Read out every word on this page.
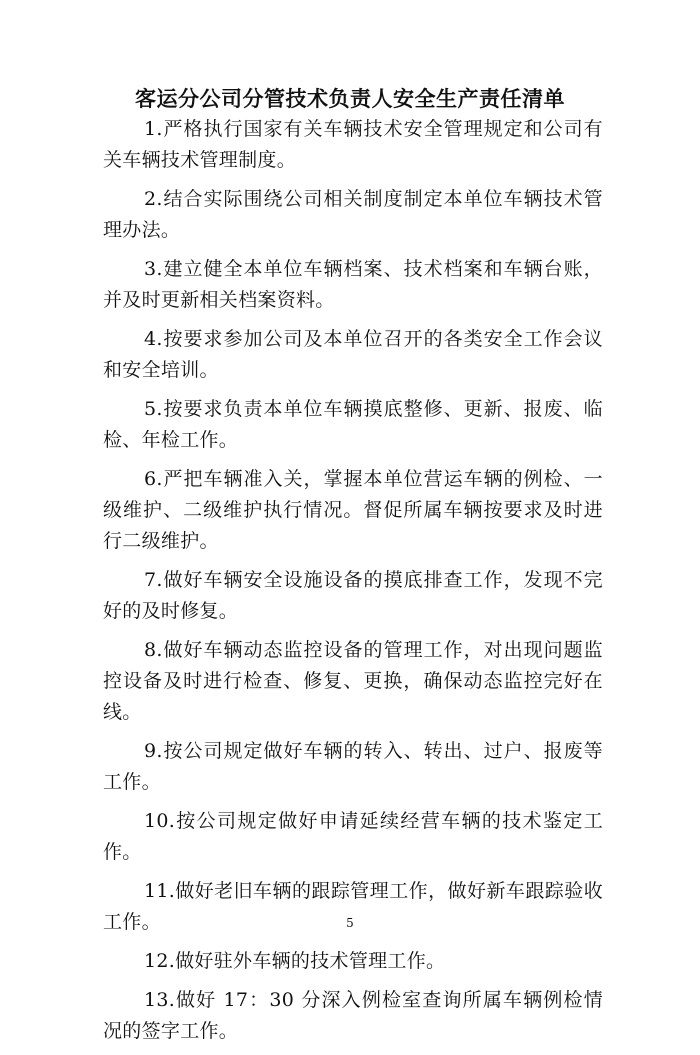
客运分公司分管技术负责人安全生产责任清单

1.严格执行国家有关车辆技术安全管理规定和公司有关车辆技术管理制度。

2.结合实际围绕公司相关制度制定本单位车辆技术管理办法。

3.建立健全本单位车辆档案、技术档案和车辆台账，并及时更新相关档案资料。

4.按要求参加公司及本单位召开的各类安全工作会议和安全培训。

5.按要求负责本单位车辆摸底整修、更新、报废、临检、年检工作。

6.严把车辆准入关，掌握本单位营运车辆的例检、一级维护、二级维护执行情况。督促所属车辆按要求及时进行二级维护。

7.做好车辆安全设施设备的摸底排查工作，发现不完好的及时修复。

8.做好车辆动态监控设备的管理工作，对出现问题监控设备及时进行检查、修复、更换，确保动态监控完好在线。

9.按公司规定做好车辆的转入、转出、过户、报废等工作。

10.按公司规定做好申请延续经营车辆的技术鉴定工作。

11.做好老旧车辆的跟踪管理工作，做好新车跟踪验收工作。

12.做好驻外车辆的技术管理工作。

13.做好 17：30 分深入例检室查询所属车辆例检情况的签字工作。

5
